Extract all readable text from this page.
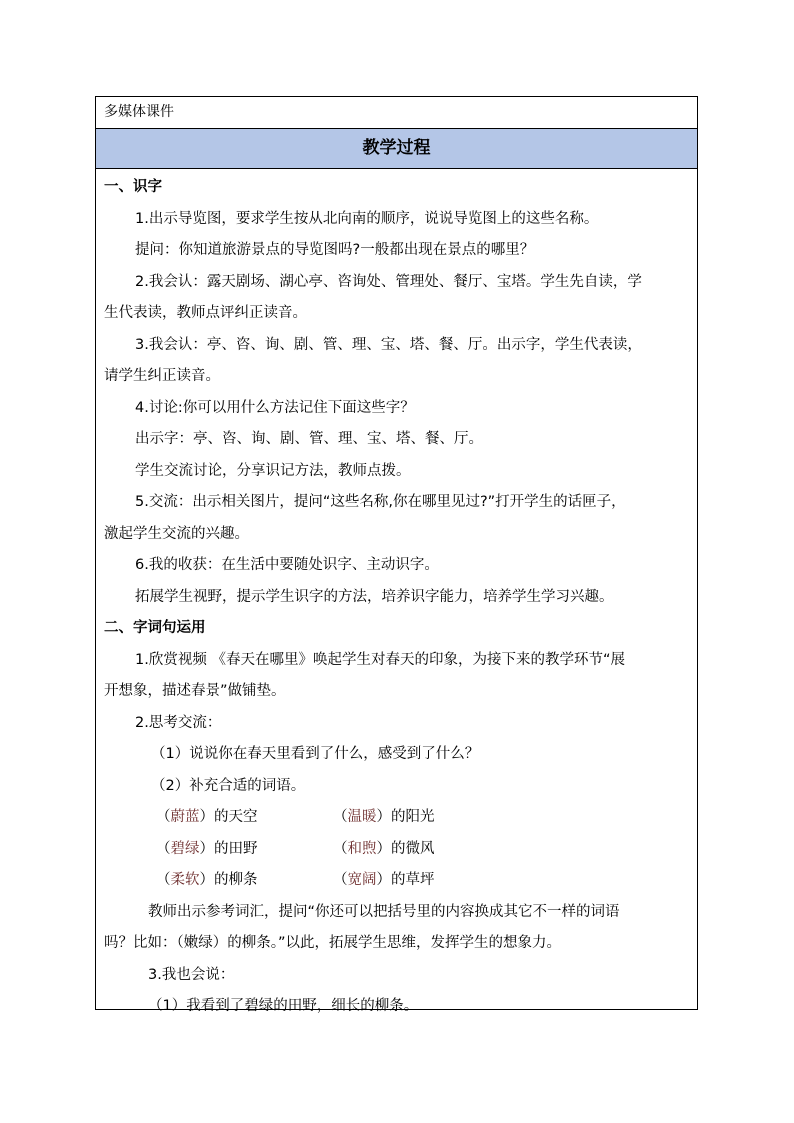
多媒体课件
教学过程
一、识字
1.出示导览图，要求学生按从北向南的顺序，说说导览图上的这些名称。
提问：你知道旅游景点的导览图吗?一般都出现在景点的哪里？
2.我会认：露天剧场、湖心亭、咨询处、管理处、餐厅、宝塔。学生先自读，学
生代表读，教师点评纠正读音。
3.我会认：亭、咨、询、剧、管、理、宝、塔、餐、厅。出示字，学生代表读，
请学生纠正读音。
4.讨论:你可以用什么方法记住下面这些字？
出示字：亭、咨、询、剧、管、理、宝、塔、餐、厅。
学生交流讨论，分享识记方法，教师点拨。
5.交流：出示相关图片，提问“这些名称,你在哪里见过?”打开学生的话匣子，
激起学生交流的兴趣。
6.我的收获：在生活中要随处识字、主动识字。
拓展学生视野，提示学生识字的方法，培养识字能力，培养学生学习兴趣。
二、字词句运用
1.欣赏视频 《春天在哪里》唤起学生对春天的印象，为接下来的教学环节“展
开想象，描述春景”做铺垫。
2.思考交流：
（1）说说你在春天里看到了什么，感受到了什么？
（2）补充合适的词语。
（蔚蓝）的天空	（温暖）的阳光
（碧绿）的田野	（和煦）的微风
（柔软）的柳条	（宽阔）的草坪
教师出示参考词汇，提问“你还可以把括号里的内容换成其它不一样的词语
吗？比如：（嫩绿）的柳条。”以此，拓展学生思维，发挥学生的想象力。
3.我也会说：
（1）我看到了碧绿的田野，细长的柳条。
